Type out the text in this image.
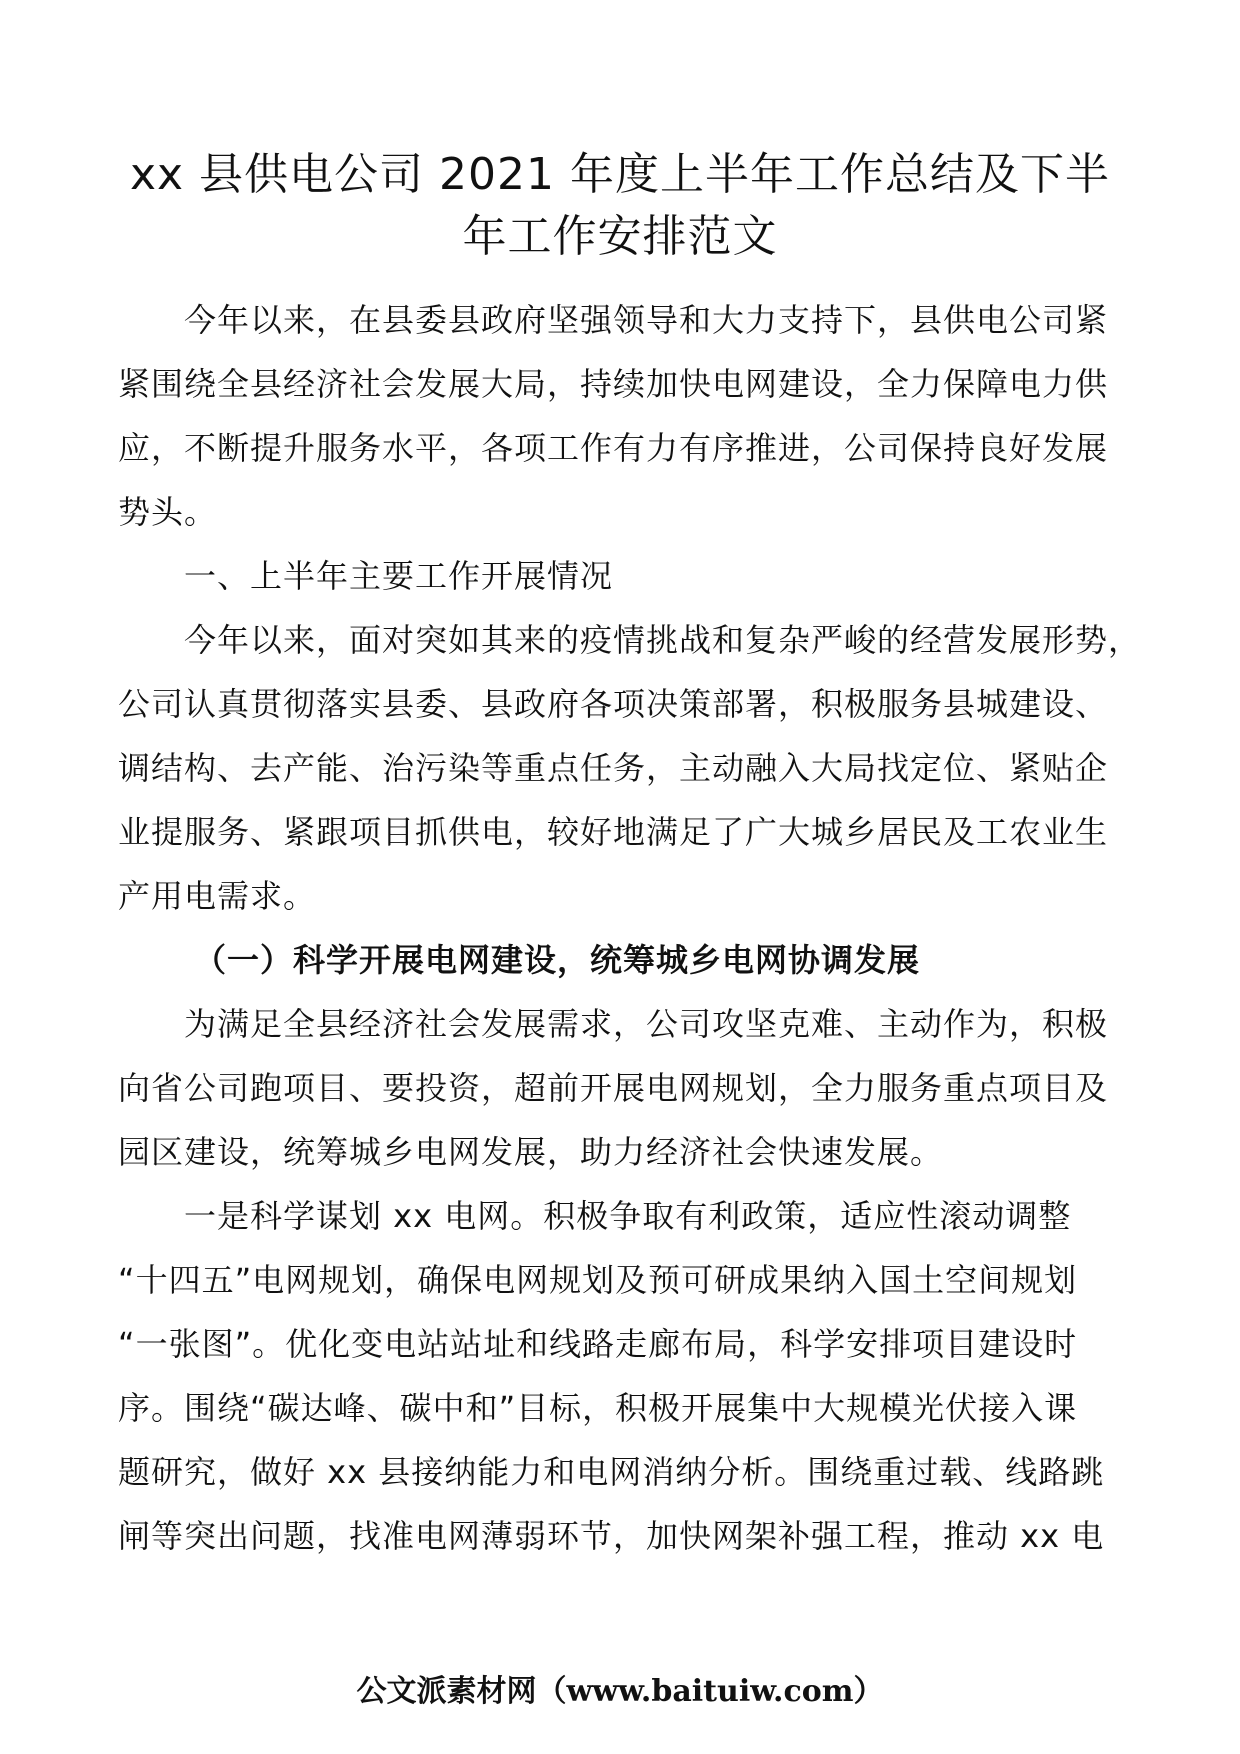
xx 县供电公司 2021 年度上半年工作总结及下半
年工作安排范文
今年以来，在县委县政府坚强领导和大力支持下，县供电公司紧
紧围绕全县经济社会发展大局，持续加快电网建设，全力保障电力供
应，不断提升服务水平，各项工作有力有序推进，公司保持良好发展
势头。
一、上半年主要工作开展情况
今年以来，面对突如其来的疫情挑战和复杂严峻的经营发展形势，
公司认真贯彻落实县委、县政府各项决策部署，积极服务县城建设、
调结构、去产能、治污染等重点任务，主动融入大局找定位、紧贴企
业提服务、紧跟项目抓供电，较好地满足了广大城乡居民及工农业生
产用电需求。
（一）科学开展电网建设，统筹城乡电网协调发展
为满足全县经济社会发展需求，公司攻坚克难、主动作为，积极
向省公司跑项目、要投资，超前开展电网规划，全力服务重点项目及
园区建设，统筹城乡电网发展，助力经济社会快速发展。
一是科学谋划 xx 电网。积极争取有利政策，适应性滚动调整
“十四五”电网规划，确保电网规划及预可研成果纳入国土空间规划
“一张图”。优化变电站站址和线路走廊布局，科学安排项目建设时
序。围绕“碳达峰、碳中和”目标，积极开展集中大规模光伏接入课
题研究，做好 xx 县接纳能力和电网消纳分析。围绕重过载、线路跳
闸等突出问题，找准电网薄弱环节，加快网架补强工程，推动 xx 电
公文派素材网（www.baituiw.com）
